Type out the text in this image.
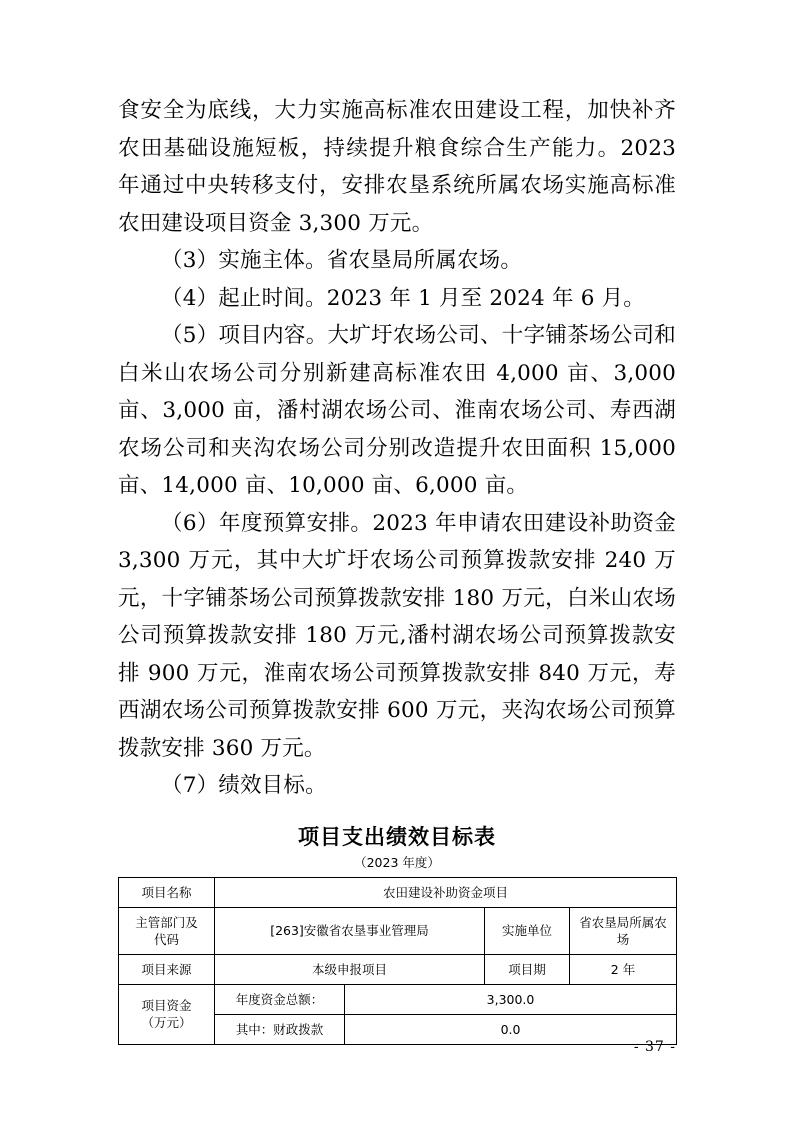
食安全为底线，大力实施高标准农田建设工程，加快补齐农田基础设施短板，持续提升粮食综合生产能力。2023 年通过中央转移支付，安排农垦系统所属农场实施高标准农田建设项目资金 3,300 万元。

（3）实施主体。省农垦局所属农场。

（4）起止时间。2023 年 1 月至 2024 年 6 月。

（5）项目内容。大圹圩农场公司、十字铺茶场公司和白米山农场公司分别新建高标准农田 4,000 亩、3,000 亩、3,000 亩，潘村湖农场公司、淮南农场公司、寿西湖农场公司和夹沟农场公司分别改造提升农田面积 15,000 亩、14,000 亩、10,000 亩、6,000 亩。

（6）年度预算安排。2023 年申请农田建设补助资金 3,300 万元，其中大圹圩农场公司预算拨款安排 240 万元，十字铺茶场公司预算拨款安排 180 万元，白米山农场公司预算拨款安排 180 万元,潘村湖农场公司预算拨款安排 900 万元，淮南农场公司预算拨款安排 840 万元，寿西湖农场公司预算拨款安排 600 万元，夹沟农场公司预算拨款安排 360 万元。

（7）绩效目标。

项目支出绩效目标表
（2023 年度）
项目名称	农田建设补助资金项目			

主管部门及
代码	[263]安徽省农垦事业管理局		实施单位	省农垦局所属农场
项目来源	本级申报项目		项目期	2 年

项目资金
（万元）	年度资金总额：	3,300.0		
	其中：财政拨款	0.0		
- 37 -
